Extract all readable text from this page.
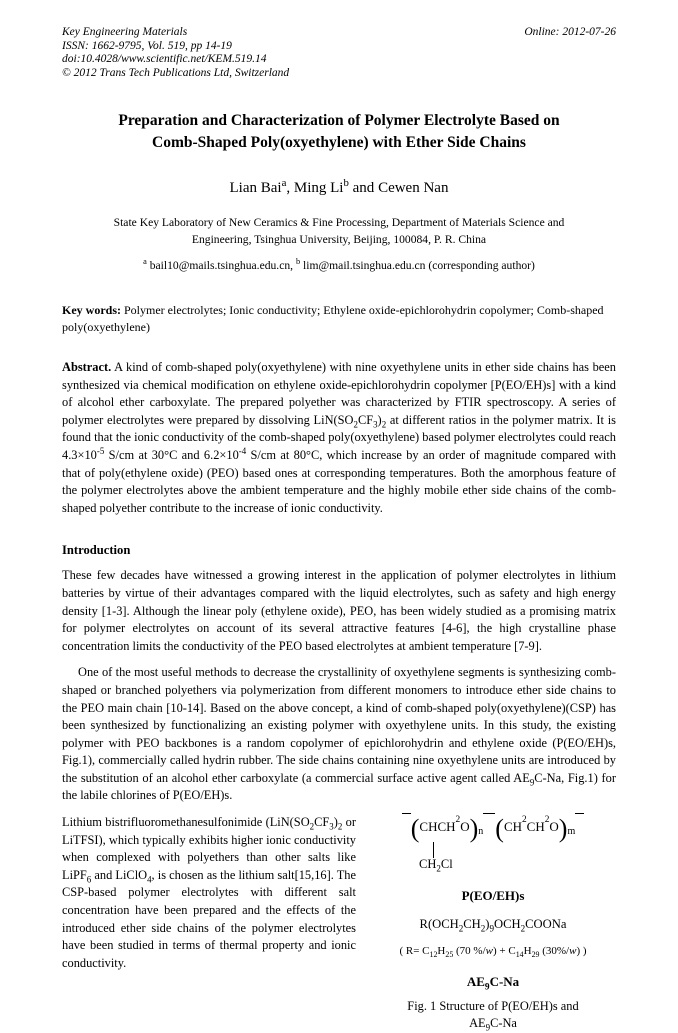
Key Engineering Materials
ISSN: 1662-9795, Vol. 519, pp 14-19
doi:10.4028/www.scientific.net/KEM.519.14
© 2012 Trans Tech Publications Ltd, Switzerland
Online: 2012-07-26
Preparation and Characterization of Polymer Electrolyte Based on
Comb-Shaped Poly(oxyethylene) with Ether Side Chains
Lian Bai$^a$, Ming Li$^b$ and Cewen Nan
State Key Laboratory of New Ceramics & Fine Processing, Department of Materials Science and
Engineering, Tsinghua University, Beijing, 100084, P. R. China
$^a$ bail10@mails.tsinghua.edu.cn, $^b$ lim@mail.tsinghua.edu.cn (corresponding author)
Key words: Polymer electrolytes; Ionic conductivity; Ethylene oxide-epichlorohydrin copolymer; Comb-shaped poly(oxyethylene)
Abstract. A kind of comb-shaped poly(oxyethylene) with nine oxyethylene units in ether side chains has been synthesized via chemical modification on ethylene oxide-epichlorohydrin copolymer [P(EO/EH)s] with a kind of alcohol ether carboxylate. The prepared polyether was characterized by FTIR spectroscopy. A series of polymer electrolytes were prepared by dissolving $LiN(SO_2CF_3)_2$ at different ratios in the polymer matrix. It is found that the ionic conductivity of the comb-shaped poly(oxyethylene) based polymer electrolytes could reach $4.3\times 10^{-5}$ S/cm at 30°C and $6.2\times 10^{-4}$ S/cm at 80°C, which increase by an order of magnitude compared with that of poly(ethylene oxide) (PEO) based ones at corresponding temperatures. Both the amorphous feature of the polymer electrolytes above the ambient temperature and the highly mobile ether side chains of the comb-shaped polyether contribute to the increase of ionic conductivity.
Introduction
These few decades have witnessed a growing interest in the application of polymer electrolytes in lithium batteries by virtue of their advantages compared with the liquid electrolytes, such as safety and high energy density [1-3]. Although the linear poly (ethylene oxide), PEO, has been widely studied as a promising matrix for polymer electrolytes on account of its several attractive features [4-6], the high crystalline phase concentration limits the conductivity of the PEO based electrolytes at ambient temperature [7-9].
One of the most useful methods to decrease the crystallinity of oxyethylene segments is synthesizing comb-shaped or branched polyethers via polymerization from different monomers to introduce ether side chains to the PEO main chain [10-14]. Based on the above concept, a kind of comb-shaped poly(oxyethylene)(CSP) has been synthesized by functionalizing an existing polymer with oxyethylene units. In this study, the existing polymer with PEO backbones is a random copolymer of epichlorohydrin and ethylene oxide (P(EO/EH)s, Fig.1), commercially called hydrin rubber. The side chains containing nine oxyethylene units are introduced by the substitution of an alcohol ether carboxylate (a commercial surface active agent called $AE_9C-Na$, Fig.1) for the labile chlorines of P(EO/EH)s.
( CHCH 2 O ) n ( CH 2 CH 2 O ) m
$CH_2Cl$
P(EO/EH)s
$R(OCH_2CH_2)_9OCH_2COONa$
( $R= C_{12}H_{25}$ (70 $\%/w) + C_{14}H_{29}$ (30%/w) )
$AE_9C-Na$
Fig. 1 Structure of P(EO/EH)s and
$AE_9C-Na$
Lithium bistrifluoromethanesulfonimide ($LiN(SO_2CF_3)_2$ or LiTFSI), which typically exhibits higher ionic conductivity when complexed with polyethers than other salts like LiPF$_6$ and LiClO$_4$, is chosen as the lithium salt[15,16]. The CSP-based polymer electrolytes with different salt concentration have been prepared and the effects of the introduced ether side chains of the polymer electrolytes have been studied in terms of thermal property and ionic conductivity.
